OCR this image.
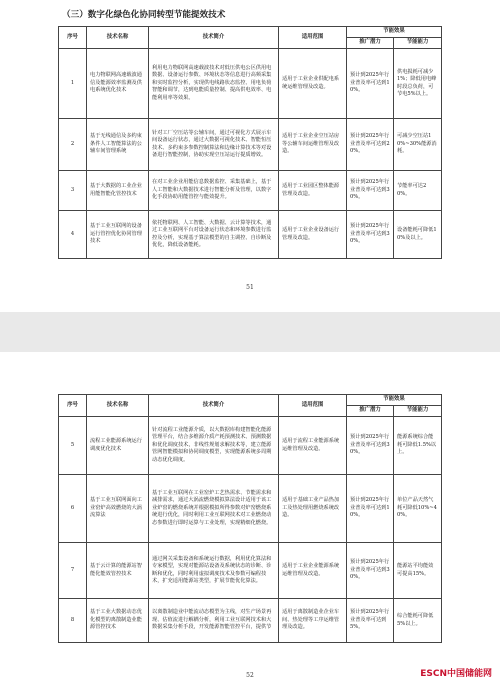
（三）数字化绿色化协同转型节能提效技术
序号	技术名称	技术简介	适用范围	节能效果	
				推广潜力	节能能力
1	电力物联网高速载波通信及能源效率监测及供电系统优化技术	利用电力物联网高速载波技术对低压供电公区供用电数据、设备运行参数、环境状态等信息进行高频采集和实时监控分析，实现供电线路状态监控、用电负荷智能和调节，达到电能质量控制、提高供电效率、电能利用率等效果。	适用于工业企业供配电系统运维管理及改造。	预计到2025年行业普及率可达到10%。	供电损耗可减少1%；降低用电峰时段总负荷，可节电5%以上。
2	基于无线通信及多约束条件人工智能算法的公辅车间管理系统	针对工厂空压站等公辅车间，通过可视化方式展示车间设备运行状态，通过大数据可视化技术、智能恒压技术、多约束多参数控制算法和边缘计算技术等对设备进行智能控制，协助实现空压站运行提质增效。	适用于工业企业空压站房等公辅车间运维管理及改造。	预计到2025年行业普及率可达到20%。	可减少空压站10%~30%能源消耗。
3	基于大数据的工业企业用能智能化管控技术	在对工业企业用能信息数据监控、采集基础上，基于人工智能和大数据技术进行智能分析及管理，以数字化手段协助用能管控与能效提升。	适用于工业园区整体能源管理及改造。	预计到2025年行业普及率可达到30%。	节能率可达20%。
4	基于工业互联网的设备运行管控优化协同管理技术	依托物联网、人工智能、大数据、云计算等技术，通过工业互联网平台对设备运行状态和环境参数进行监控及分析，实现基于算法模型的自主调控、自诊断及优化，降低设备能耗。	适用于工业企业设备运行管理及改造。	预计到2025年行业普及率可达到30%。	设备能耗可降低10%及以上。
51
序号	技术名称	技术简介	适用范围	节能效果	
				推广潜力	节能能力
5	流程工业能源系统运行调度优化技术	针对流程工业能源介质，以大数据库构建智能化能源管理平台，结合多维源介质产耗预测技术、预测数据和优化调度技术，非线性规划求解技术等，建立能源管网智能模拟和协同调度模型，实现能源系统多周期动态优化调度。	适用于流程工业能源系统运维管理及改造。	预计到2025年行业普及率可达到30%。	能源系统综合能耗可降低1.5%以上。
6	基于工业互联网面向工业窑炉高效燃烧的大涡流算法	基于工业互联网在工业窑炉工艺热需求、节能需求和减排需求，通过大涡流燃烧模拟算法设计适用于该工业炉窑的燃烧系统并根据模拟所得参数对炉窑燃烧系统进行优化，同时利用工业互联网技术对工业燃烧动态参数进行即时运算与工业处理，实现精细化燃烧。	适用于基础工业产品热加工及热处理用燃烧系统改造。	预计到2025年行业普及率可达到10%。	单位产品天然气耗可降低10%~40%。
7	基于云计算的能源站智能化能效管控技术	通过网关采集设备和系统运行数据，利用优化算法和专家模型，实现对能源站设备及系统状态的诊断、诊断和优化，同时利用虚拟调度技术及参数可编程技术，扩充适用能源站类型，扩展节能优化算法。	适用于工业企业能源系统运维管理及改造。	预计到2025年行业普及率可达到30%。	能源站平均能效可提高15%。
8	基于工业大数据动态优化模型的离散制造业能源管控技术	以离散制造业中能流动态模型为主线，对生产场景再现、估值流进行解耦分析，利用工业互联网技术和大数据采集分析手段，开发能源智能管控平台，提供节	适用于离散制造业企业车间、热处理等工序运维管理及改造。	预计到2025年行业普及率可达到5%。	综合能耗可降低5%以上。
52	ESCN中国储能网
